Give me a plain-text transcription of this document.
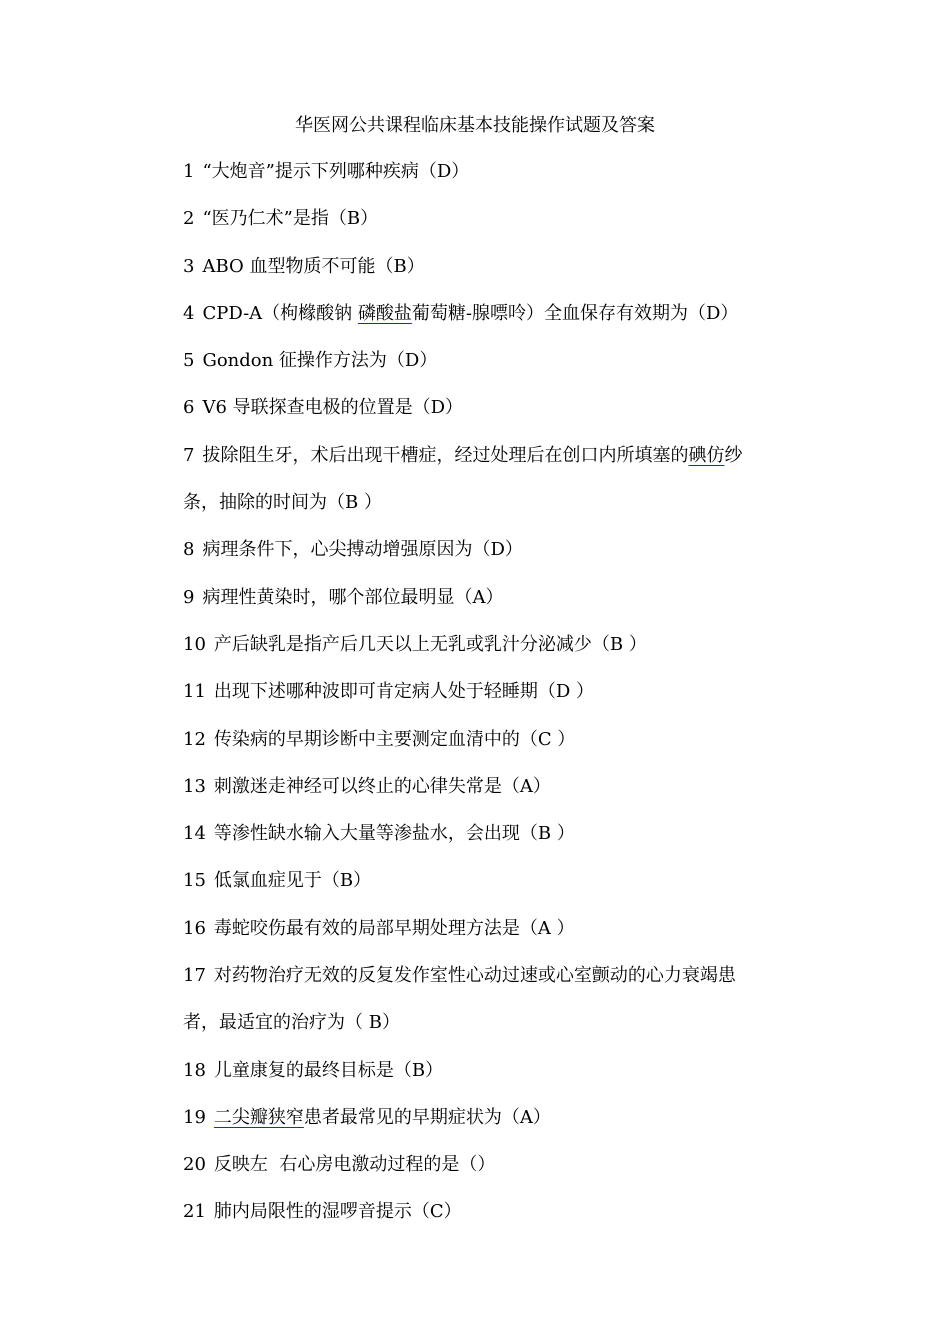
华医网公共课程临床基本技能操作试题及答案
1 “大炮音”提示下列哪种疾病（D）
2 “医乃仁术”是指（B）
3 ABO 血型物质不可能（B）
4 CPD-A（枸橼酸钠 磷酸盐葡萄糖-腺嘌呤）全血保存有效期为（D）
5 Gondon 征操作方法为（D）
6 V6 导联探查电极的位置是（D）
7 拔除阻生牙，术后出现干槽症，经过处理后在创口内所填塞的碘仿纱
条，抽除的时间为（B ）
8 病理条件下，心尖搏动增强原因为（D）
9 病理性黄染时，哪个部位最明显（A）
10 产后缺乳是指产后几天以上无乳或乳汁分泌减少（B ）
11 出现下述哪种波即可肯定病人处于轻睡期（D ）
12 传染病的早期诊断中主要测定血清中的（C ）
13 刺激迷走神经可以终止的心律失常是（A）
14 等渗性缺水输入大量等渗盐水，会出现（B ）
15 低氯血症见于（B）
16 毒蛇咬伤最有效的局部早期处理方法是（A ）
17 对药物治疗无效的反复发作室性心动过速或心室颤动的心力衰竭患
者，最适宜的治疗为（ B）
18 儿童康复的最终目标是（B）
19 二尖瓣狭窄患者最常见的早期症状为（A）
20 反映左  右心房电激动过程的是（）
21 肺内局限性的湿啰音提示（C）
